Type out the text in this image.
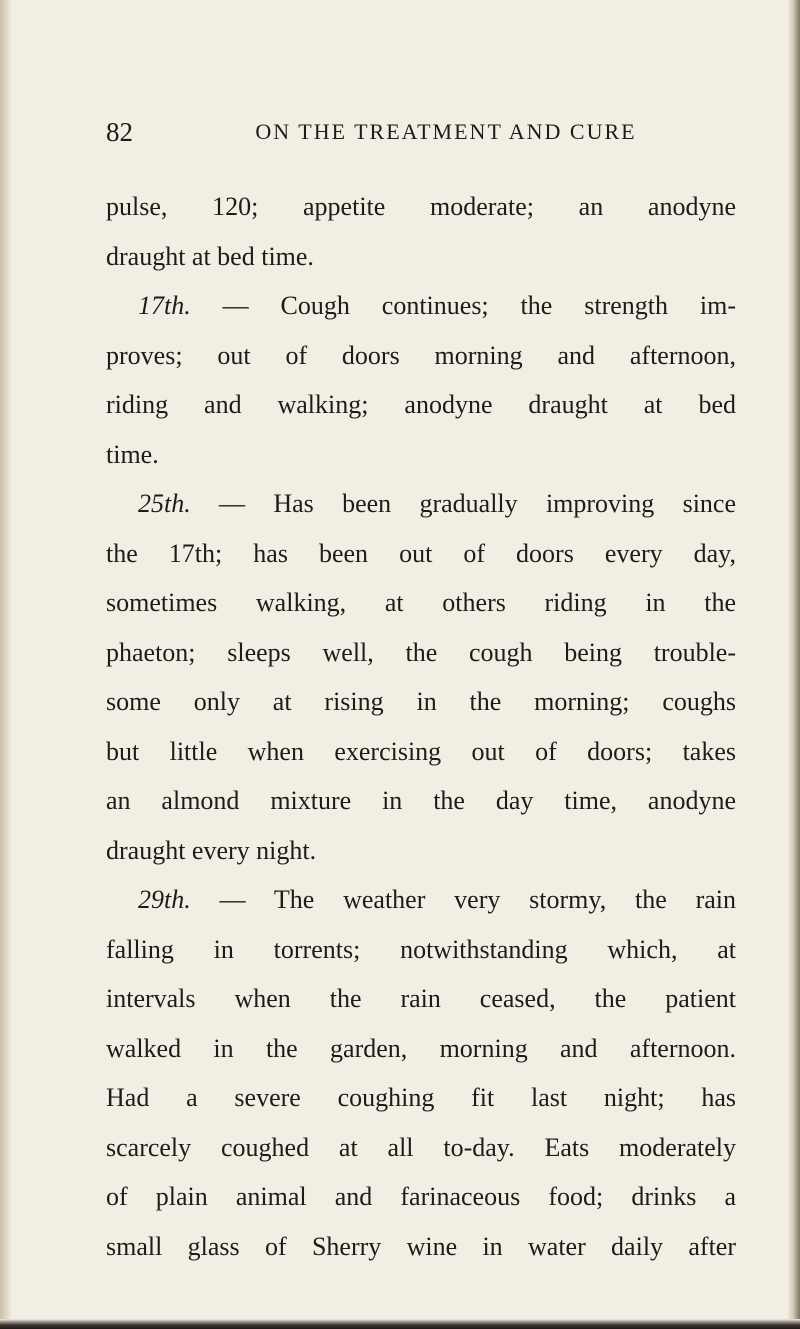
82	ON THE TREATMENT AND CURE
pulse, 120; appetite moderate; an anodyne
draught at bed time.
17th. — Cough continues; the strength im-
proves; out of doors morning and afternoon,
riding and walking; anodyne draught at bed
time.
25th. — Has been gradually improving since
the 17th; has been out of doors every day,
sometimes walking, at others riding in the
phaeton; sleeps well, the cough being trouble-
some only at rising in the morning; coughs
but little when exercising out of doors; takes
an almond mixture in the day time, anodyne
draught every night.
29th. — The weather very stormy, the rain
falling in torrents; notwithstanding which, at
intervals when the rain ceased, the patient
walked in the garden, morning and afternoon.
Had a severe coughing fit last night; has
scarcely coughed at all to-day. Eats moderately
of plain animal and farinaceous food; drinks a
small glass of Sherry wine in water daily after
